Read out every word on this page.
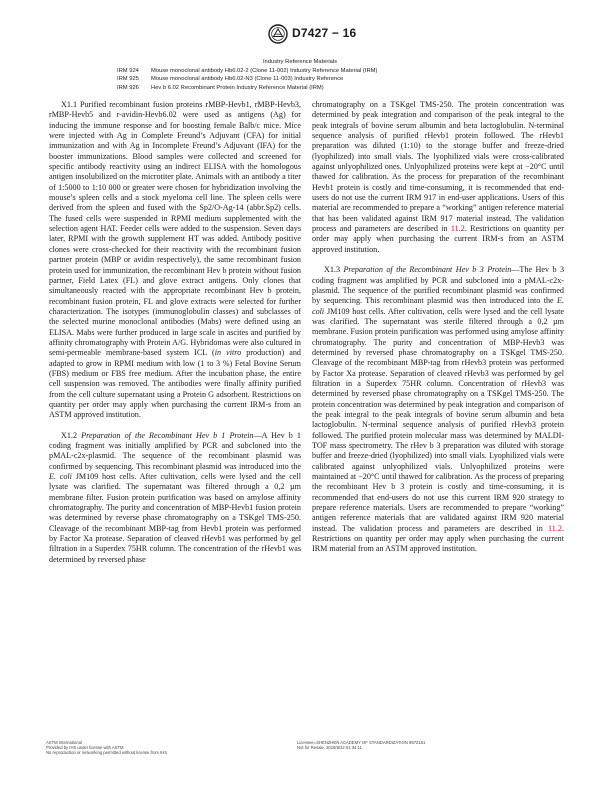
D7427 − 16
Industry Reference Materials
IRM 924 Mouse monoclonal antibody Hb6.02-2 (Clone 11-002) Industry Reference Material (IRM)
IRM 925 Mouse monoclonal antibody Hb6.02-N3 (Clone 11-003) Industry Reference
IRM 926 Hev b 6.02 Recombinant Protein Industry Reference Material (IRM)

X1.1 Purified recombinant fusion proteins rMBP-Hevb1, rMBP-Hevb3, rMBP-Hevb5 and r-avidin-Hevb6.02 were used as antigens (Ag) for inducing the immune response and for boosting female Balb/c mice. Mice were injected with Ag in Complete Freund’s Adjuvant (CFA) for initial immunization and with Ag in Incomplete Freund’s Adjuvant (IFA) for the booster immunizations. Blood samples were collected and screened for specific antibody reactivity using an indirect ELISA with the homologous antigen insolubilized on the microtiter plate. Animals with an antibody a titer of 1:5000 to 1:10 000 or greater were chosen for hybridization involving the mouse’s spleen cells and a stock myeloma cell line. The spleen cells were derived from the spleen and fused with the Sp2/O-Ag-14 (abbr.Sp2) cells. The fused cells were suspended in RPMI medium supplemented with the selection agent HAT. Feeder cells were added to the suspension. Seven days later, RPMI with the growth supplement HT was added. Antibody positive clones were cross-checked for their reactivity with the recombinant fusion partner protein (MBP or avidin respectively), the same recombinant fusion protein used for immunization, the recombinant Hev b protein without fusion partner, Field Latex (FL) and glove extract antigens. Only clones that simultaneously reacted with the appropriate recombinant Hev b protein, recombinant fusion protein, FL and glove extracts were selected for further characterization. The isotypes (immunoglobulin classes) and subclasses of the selected murine monoclonal antibodies (Mabs) were defined using an ELISA. Mabs were further produced in large scale in ascites and purified by affinity chromatography with Protein A/G. Hybridomas were also cultured in semi-permeable membrane-based system ICL (in vitro production) and adapted to grow in RPMI medium with low (1 to 3 %) Fetal Bovine Serum (FBS) medium or FBS free medium. After the incubation phase, the entire cell suspension was removed. The antibodies were finally affinity purified from the cell culture supernatant using a Protein G adsorbent. Restrictions on quantity per order may apply when purchasing the current IRM-s from an ASTM approved institution.

X1.2 Preparation of the Recombinant Hev b 1 Protein—A Hev b 1 coding fragment was initially amplified by PCR and subcloned into the pMAL-c2x-plasmid. The sequence of the recombinant plasmid was confirmed by sequencing. This recombinant plasmid was introduced into the E. coli JM109 host cells. After cultivation, cells were lysed and the cell lysate was clarified. The supernatant was filtered through a 0,2 µm membrane filter. Fusion protein purification was based on amylose affinity chromatography. The purity and concentration of MBP-Hevb1 fusion protein was determined by reverse phase chromatography on a TSKgel TMS-250. Cleavage of the recombinant MBP-tag from Hevb1 protein was performed by Factor Xa protease. Separation of cleaved rHevb1 was performed by gel filtration in a Superdex 75HR column. The concentration of the rHevb1 was determined by reversed phase

chromatography on a TSKgel TMS-250. The protein concentration was determined by peak integration and comparison of the peak integral to the peak integrals of bovine serum albumin and beta lactoglobulin. N-terminal sequence analysis of purified rHevb1 protein followed. The rHevb1 preparation was diluted (1:10) to the storage buffer and freeze-dried (lyophilized) into small vials. The lyophilized vials were cross-calibrated against unlyophilized ones. Unlyophilized proteins were kept at −20°C until thawed for calibration. As the process for preparation of the recombinant Hevb1 protein is costly and time-consuming, it is recommended that end-users do not use the current IRM 917 in end-user applications. Users of this material are recommended to prepare a “working” antigen reference material that has been validated against IRM 917 material instead. The validation process and parameters are described in 11.2. Restrictions on quantity per order may apply when purchasing the current IRM-s from an ASTM approved institution.

X1.3 Preparation of the Recombinant Hev b 3 Protein—The Hev b 3 coding fragment was amplified by PCR and subcloned into a pMAL-c2x-plasmid. The sequence of the purified recombinant plasmid was confirmed by sequencing. This recombinant plasmid was then introduced into the E. coli JM109 host cells. After cultivation, cells were lysed and the cell lysate was clarified. The supernatant was sterile filtered through a 0,2 µm membrane. Fusion protein purification was performed using amylose affinity chromatography. The purity and concentration of MBP-Hevb3 was determined by reversed phase chromatography on a TSKgel TMS-250. Cleavage of the recombinant MBP-tag from rHevb3 protein was performed by Factor Xa protease. Separation of cleaved rHevb3 was performed by gel filtration in a Superdex 75HR column. Concentration of rHevb3 was determined by reversed phase chromatography on a TSKgel TMS-250. The protein concentration was determined by peak integration and comparison of the peak integral to the peak integrals of bovine serum albumin and beta lactoglobulin. N-terminal sequence analysis of purified rHevb3 protein followed. The purified protein molecular mass was determined by MALDI-TOF mass spectrometry. The rHev b 3 preparation was diluted with storage buffer and freeze-dried (lyophilized) into small vials. Lyophilized vials were calibrated against unlyophilized vials. Unlyophilized proteins were maintained at −20°C until thawed for calibration. As the process of preparing the recombinant Hev b 3 protein is costly and time-consuming, it is recommended that end-users do not use this current IRM 920 strategy to prepare reference materials. Users are recommended to prepare “working” antigen reference materials that are validated against IRM 920 material instead. The validation process and parameters are described in 11.2. Restrictions on quantity per order may apply when purchasing the current IRM material from an ASTM approved institution.

ASTM International
Provided by IHS under license with ASTM
No reproduction or networking permitted without license from IHS
Licensee=SHENZHEN ACADEMY OF STANDARDIZATION 9972151
Not for Resale, 2016/8/22 01:34:11
